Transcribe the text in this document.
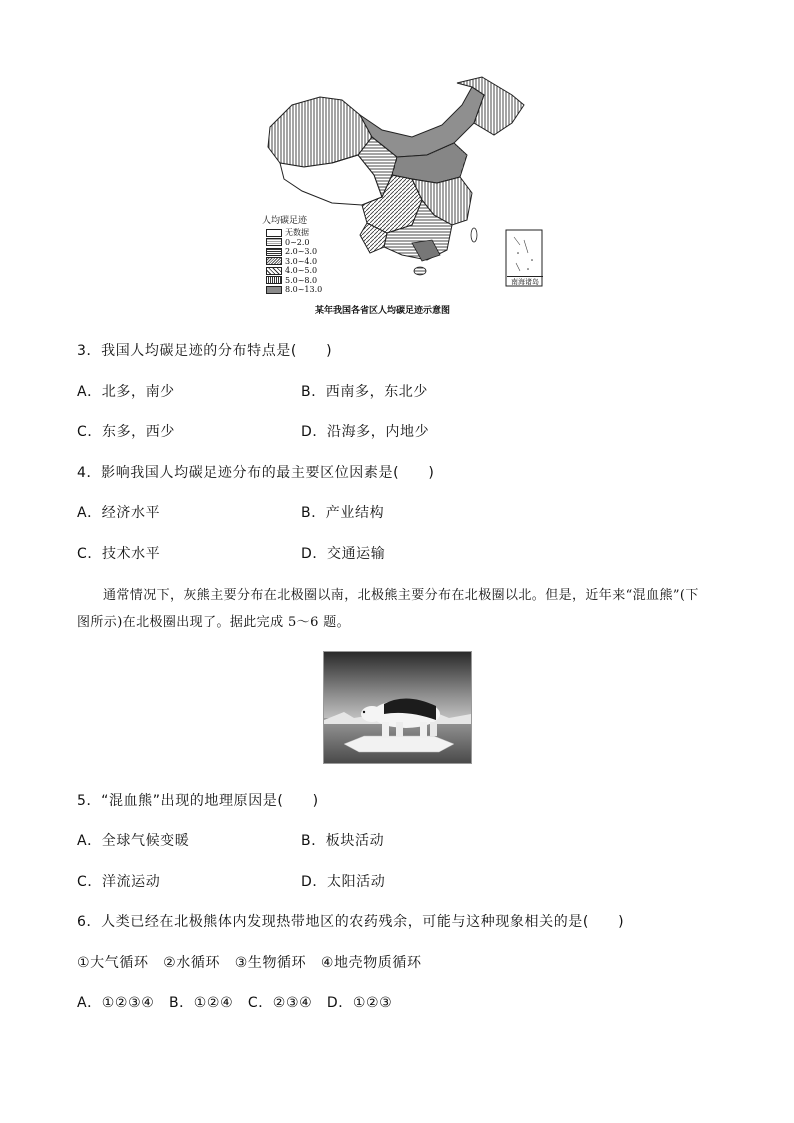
人均碳足迹
无数据
0~2.0
2.0~3.0
3.0~4.0
4.0~5.0
5.0~8.0
8.0~13.0
南海诸岛
某年我国各省区人均碳足迹示意图
3．我国人均碳足迹的分布特点是(　　)
A．北多，南少	B．西南多，东北少
C．东多，西少	D．沿海多，内地少
4．影响我国人均碳足迹分布的最主要区位因素是(　　)
A．经济水平	B．产业结构
C．技术水平	D．交通运输
通常情况下，灰熊主要分布在北极圈以南，北极熊主要分布在北极圈以北。但是，近年来“混血熊”(下
图所示)在北极圈出现了。据此完成 5～6 题。
5．“混血熊”出现的地理原因是(　　)
A．全球气候变暖	B．板块活动
C．洋流运动	D．太阳活动
6．人类已经在北极熊体内发现热带地区的农药残余，可能与这种现象相关的是(　　)
①大气循环　②水循环　③生物循环　④地壳物质循环
A．①②③④　B．①②④　C．②③④　D．①②③
